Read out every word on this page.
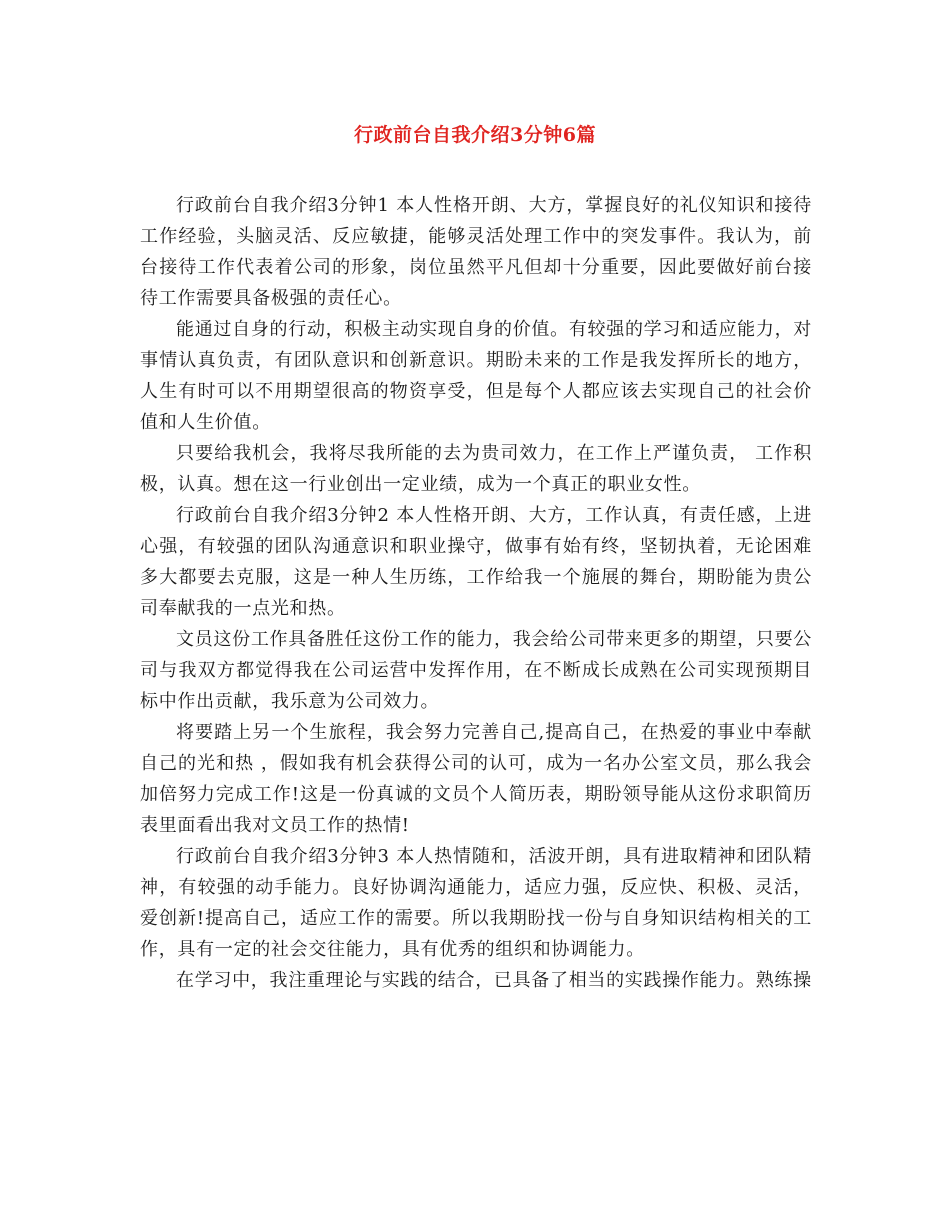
行政前台自我介绍3分钟6篇

行政前台自我介绍3分钟1 本人性格开朗、大方，掌握良好的礼仪知识和接待工作经验，头脑灵活、反应敏捷，能够灵活处理工作中的突发事件。我认为，前台接待工作代表着公司的形象，岗位虽然平凡但却十分重要，因此要做好前台接待工作需要具备极强的责任心。

能通过自身的行动，积极主动实现自身的价值。有较强的学习和适应能力，对事情认真负责，有团队意识和创新意识。期盼未来的工作是我发挥所长的地方，人生有时可以不用期望很高的物资享受，但是每个人都应该去实现自己的社会价值和人生价值。

只要给我机会，我将尽我所能的去为贵司效力，在工作上严谨负责， 工作积极，认真。想在这一行业创出一定业绩，成为一个真正的职业女性。

行政前台自我介绍3分钟2 本人性格开朗、大方，工作认真，有责任感，上进心强，有较强的团队沟通意识和职业操守，做事有始有终，坚韧执着，无论困难多大都要去克服，这是一种人生历练，工作给我一个施展的舞台，期盼能为贵公司奉献我的一点光和热。

文员这份工作具备胜任这份工作的能力，我会给公司带来更多的期望，只要公司与我双方都觉得我在公司运营中发挥作用，在不断成长成熟在公司实现预期目标中作出贡献，我乐意为公司效力。

将要踏上另一个生旅程，我会努力完善自己,提高自己，在热爱的事业中奉献自己的光和热 ，假如我有机会获得公司的认可，成为一名办公室文员，那么我会加倍努力完成工作!这是一份真诚的文员个人简历表，期盼领导能从这份求职简历表里面看出我对文员工作的热情!

行政前台自我介绍3分钟3 本人热情随和，活波开朗，具有进取精神和团队精神，有较强的动手能力。良好协调沟通能力，适应力强，反应快、积极、灵活，爱创新!提高自己，适应工作的需要。所以我期盼找一份与自身知识结构相关的工作，具有一定的社会交往能力，具有优秀的组织和协调能力。

在学习中，我注重理论与实践的结合，已具备了相当的实践操作能力。熟练操
